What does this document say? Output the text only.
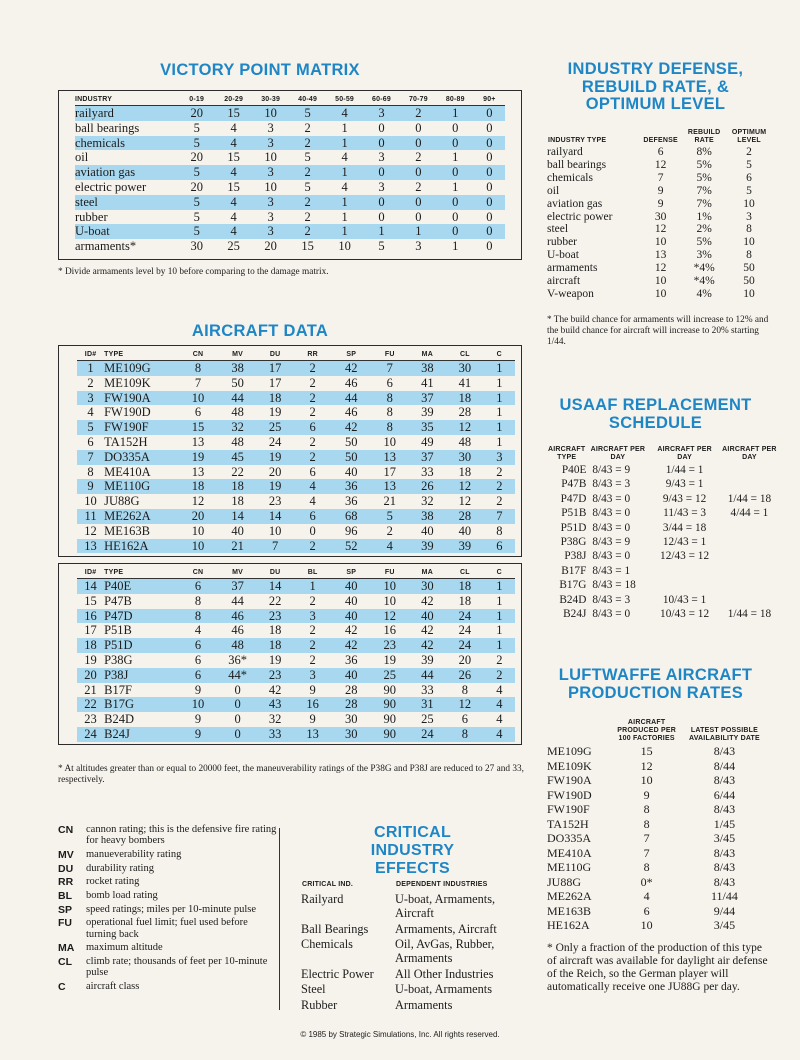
VICTORY POINT MATRIX
INDUSTRY	0-19	20-29	30-39	40-49	50-59	60-69	70-79	80-89	90+
railyard	20	15	10	5	4	3	2	1	0
ball bearings	5	4	3	2	1	0	0	0	0
chemicals	5	4	3	2	1	0	0	0	0
oil	20	15	10	5	4	3	2	1	0
aviation gas	5	4	3	2	1	0	0	0	0
electric power	20	15	10	5	4	3	2	1	0
steel	5	4	3	2	1	0	0	0	0
rubber	5	4	3	2	1	0	0	0	0
U-boat	5	4	3	2	1	1	1	0	0
armaments*	30	25	20	15	10	5	3	1	0
* Divide armaments level by 10 before comparing to the damage matrix.
AIRCRAFT DATA
ID#	TYPE	CN	MV	DU	RR	SP	FU	MA	CL	C
1	ME109G	8	38	17	2	42	7	38	30	1
2	ME109K	7	50	17	2	46	6	41	41	1
3	FW190A	10	44	18	2	44	8	37	18	1
4	FW190D	6	48	19	2	46	8	39	28	1
5	FW190F	15	32	25	6	42	8	35	12	1
6	TA152H	13	48	24	2	50	10	49	48	1
7	DO335A	19	45	19	2	50	13	37	30	3
8	ME410A	13	22	20	6	40	17	33	18	2
9	ME110G	18	18	19	4	36	13	26	12	2
10	JU88G	12	18	23	4	36	21	32	12	2
11	ME262A	20	14	14	6	68	5	38	28	7
12	ME163B	10	40	10	0	96	2	40	40	8
13	HE162A	10	21	7	2	52	4	39	39	6
ID#	TYPE	CN	MV	DU	BL	SP	FU	MA	CL	C
14	P40E	6	37	14	1	40	10	30	18	1
15	P47B	8	44	22	2	40	10	42	18	1
16	P47D	8	46	23	3	40	12	40	24	1
17	P51B	4	46	18	2	42	16	42	24	1
18	P51D	6	48	18	2	42	23	42	24	1
19	P38G	6	36*	19	2	36	19	39	20	2
20	P38J	6	44*	23	3	40	25	44	26	2
21	B17F	9	0	42	9	28	90	33	8	4
22	B17G	10	0	43	16	28	90	31	12	4
23	B24D	9	0	32	9	30	90	25	6	4
24	B24J	9	0	33	13	30	90	24	8	4
* At altitudes greater than or equal to 20000 feet, the maneuverability ratings of the P38G and P38J are reduced to 27 and 33, respectively.
CN	cannon rating; this is the defensive fire rating for heavy bombers
MV	manueverability rating
DU	durability rating
RR	rocket rating
BL	bomb load rating
SP	speed ratings; miles per 10-minute pulse
FU	operational fuel limit; fuel used before turning back
MA	maximum altitude
CL	climb rate; thousands of feet per 10-minute pulse
C	aircraft class
CRITICAL INDUSTRY EFFECTS
CRITICAL IND.	DEPENDENT INDUSTRIES
Railyard	U-boat, Armaments, Aircraft
Ball Bearings	Armaments, Aircraft
Chemicals	Oil, AvGas, Rubber, Armaments
Electric Power	All Other Industries
Steel	U-boat, Armaments
Rubber	Armaments
INDUSTRY DEFENSE, REBUILD RATE, & OPTIMUM LEVEL
INDUSTRY TYPE	DEFENSE	REBUILD RATE	OPTIMUM LEVEL
railyard	6	8%	2
ball bearings	12	5%	5
chemicals	7	5%	6
oil	9	7%	5
aviation gas	9	7%	10
electric power	30	1%	3
steel	12	2%	8
rubber	10	5%	10
U-boat	13	3%	8
armaments	12	*4%	50
aircraft	10	*4%	50
V-weapon	10	4%	10
* The build chance for armaments will increase to 12% and the build chance for aircraft will increase to 20% starting 1/44.
USAAF REPLACEMENT SCHEDULE
AIRCRAFT TYPE	AIRCRAFT PER DAY	AIRCRAFT PER DAY	AIRCRAFT PER DAY
P40E	8/43 = 9	1/44 = 1	
P47B	8/43 = 3	9/43 = 1	
P47D	8/43 = 0	9/43 = 12	1/44 = 18
P51B	8/43 = 0	11/43 = 3	4/44 = 1
P51D	8/43 = 0	3/44 = 18	
P38G	8/43 = 9	12/43 = 1	
P38J	8/43 = 0	12/43 = 12	
B17F	8/43 = 1		
B17G	8/43 = 18		
B24D	8/43 = 3	10/43 = 1	
B24J	8/43 = 0	10/43 = 12	1/44 = 18
LUFTWAFFE AIRCRAFT PRODUCTION RATES
	AIRCRAFT PRODUCED PER 100 FACTORIES	LATEST POSSIBLE AVAILABILITY DATE
ME109G	15	8/43
ME109K	12	8/44
FW190A	10	8/43
FW190D	9	6/44
FW190F	8	8/43
TA152H	8	1/45
DO335A	7	3/45
ME410A	7	8/43
ME110G	8	8/43
JU88G	0*	8/43
ME262A	4	11/44
ME163B	6	9/44
HE162A	10	3/45
* Only a fraction of the production of this type of aircraft was available for daylight air defense of the Reich, so the German player will automatically receive one JU88G per day.
© 1985 by Strategic Simulations, Inc. All rights reserved.
